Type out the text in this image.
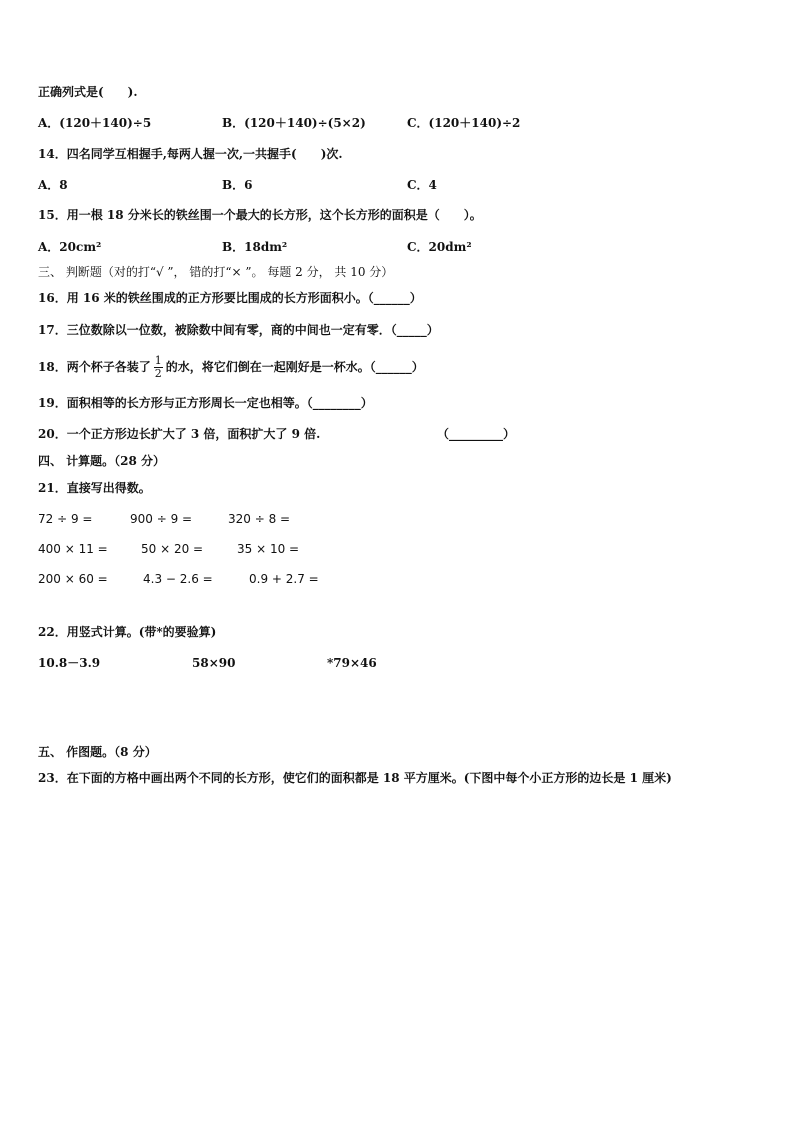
正确列式是(　　).
A．(120＋140)÷5	B．(120＋140)÷(5×2)	C．(120＋140)÷2
14．四名同学互相握手,每两人握一次,一共握手(　　)次.
A．8	B．6	C．4
15．用一根 18 分米长的铁丝围一个最大的长方形，这个长方形的面积是（　　）。
A．20cm²	B．18dm²	C．20dm²
三、 判断题（对的打“√ ”， 错的打“× ”。 每题 2 分， 共 10 分）
16．用 16 米的铁丝围成的正方形要比围成的长方形面积小。（______）
17．三位数除以一位数，被除数中间有零，商的中间也一定有零．（_____）
18．两个杯子各装了 $\frac{1}{2}$ 的水，将它们倒在一起刚好是一杯水。（______）
19．面积相等的长方形与正方形周长一定也相等。（________）
20．一个正方形边长扩大了 3 倍，面积扩大了 9 倍.	（_________）
四、 计算题。（28 分）
21．直接写出得数。
72 ÷ 9 =	900 ÷ 9 =	320 ÷ 8 =
400 × 11 =	50 × 20 =	35 × 10 =
200 × 60 =	4.3 − 2.6 =	0.9 + 2.7 =
22．用竖式计算。(带*的要验算)
10.8－3.9	58×90	*79×46
五、 作图题。（8 分）
23．在下面的方格中画出两个不同的长方形，使它们的面积都是 18 平方厘米。(下图中每个小正方形的边长是 1 厘米)
